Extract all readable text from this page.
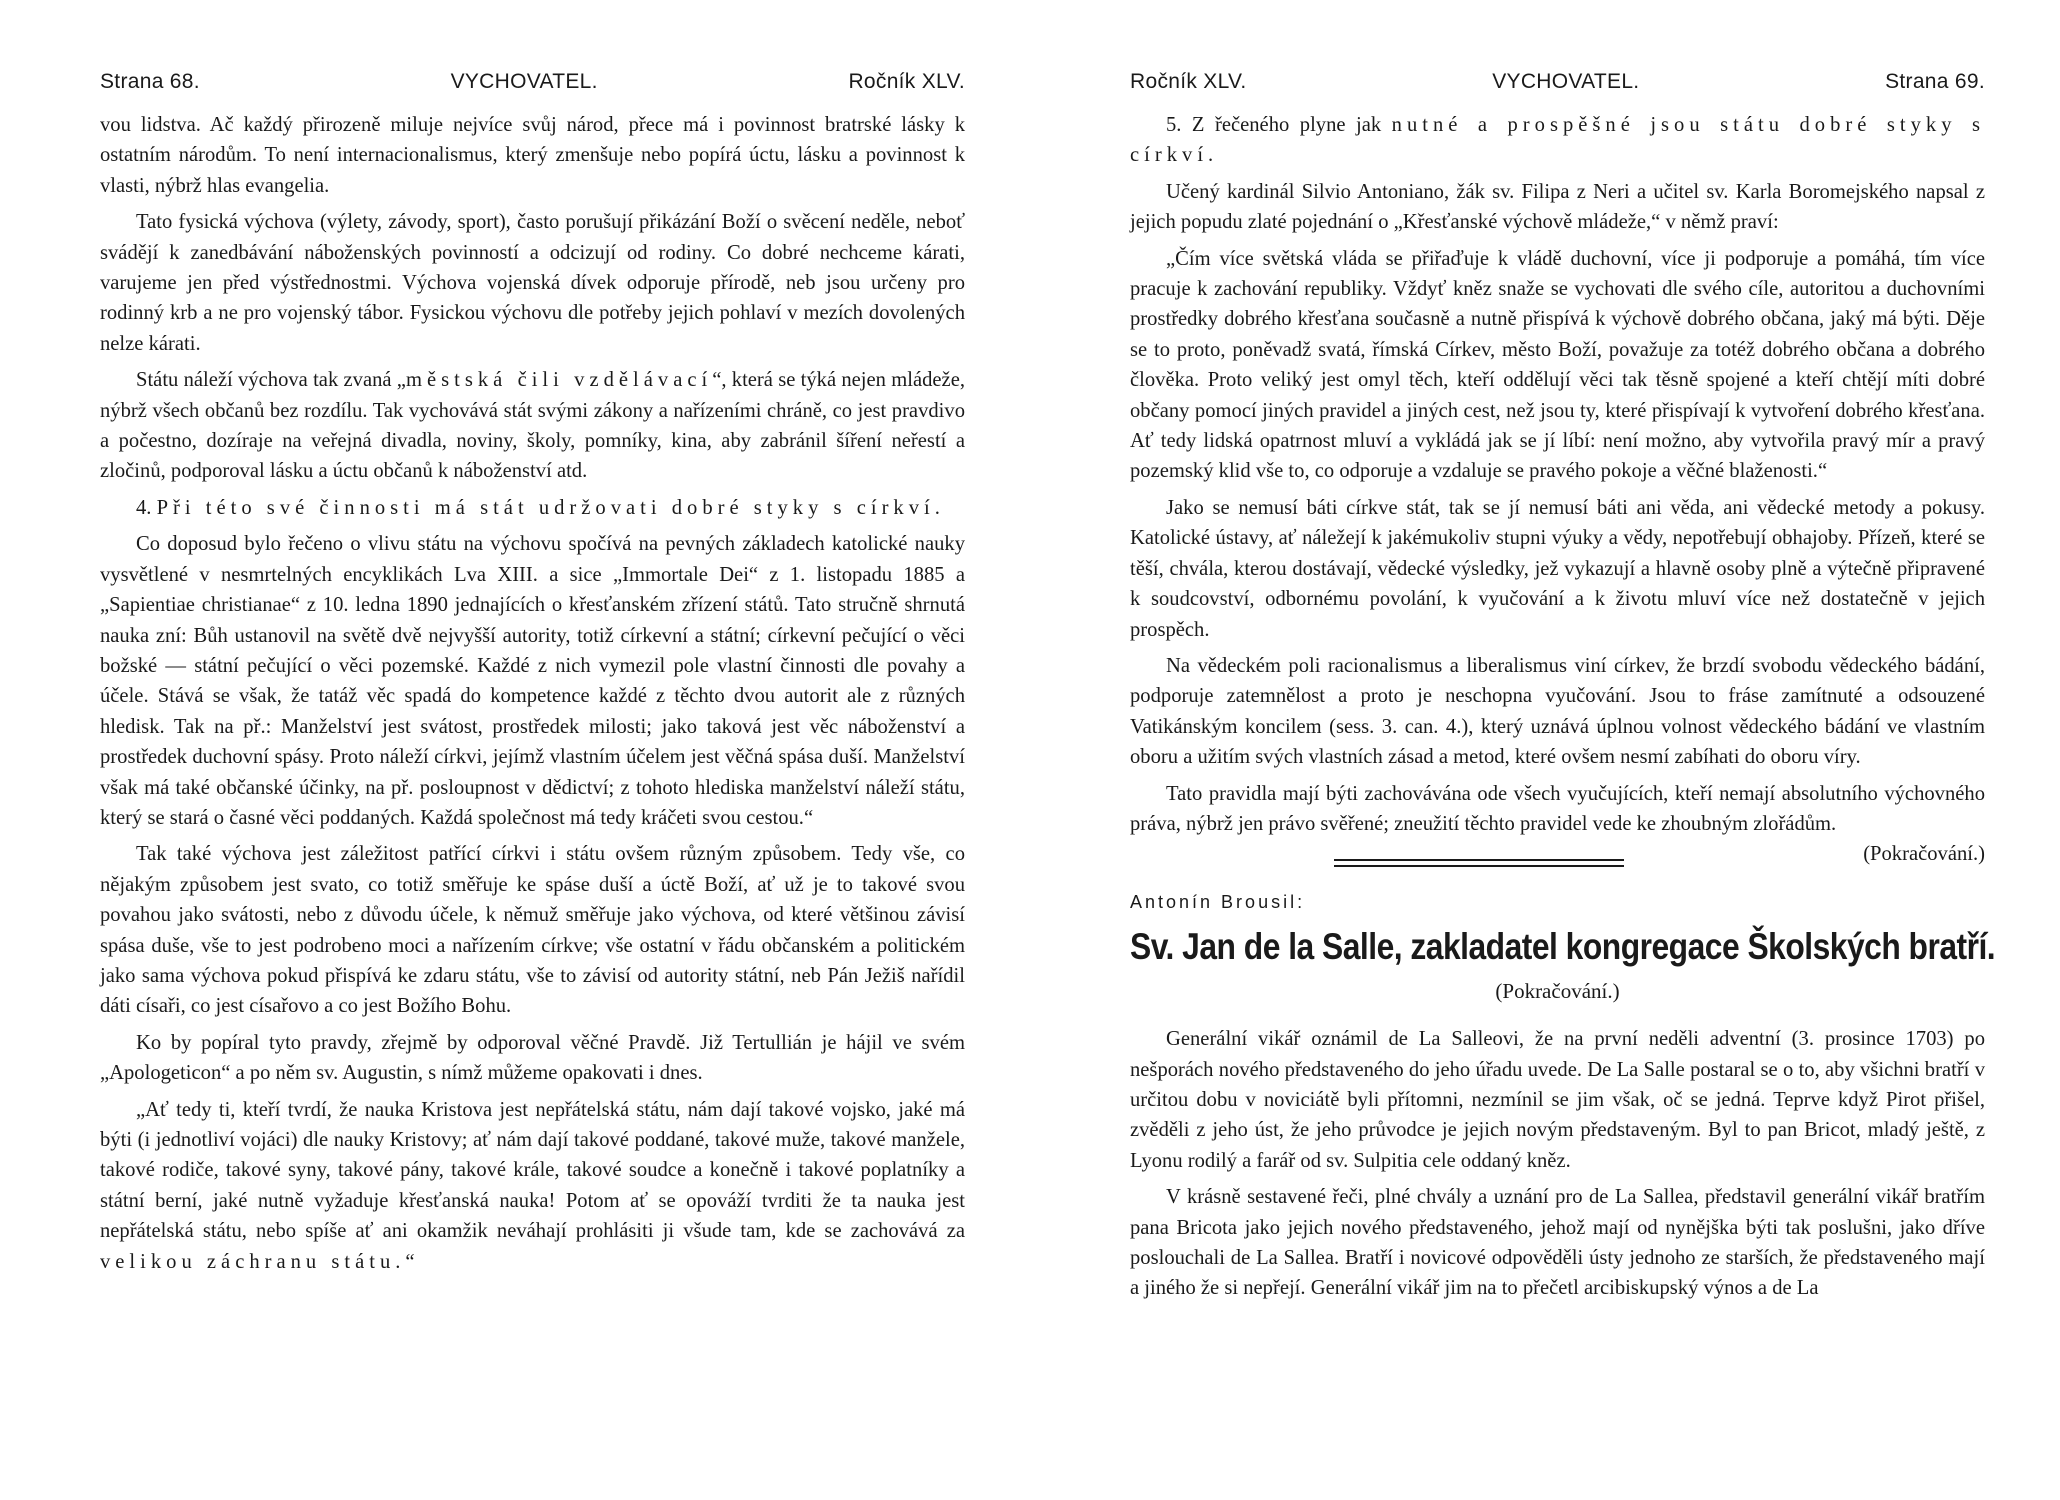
Strana 68.	VYCHOVATEL.	Ročník XLV.

vou lidstva. Ač každý přirozeně miluje nejvíce svůj národ, přece má i povinnost bratrské lásky k ostatním národům. To není internacionalismus, který zmenšuje nebo popírá úctu, lásku a povinnost k vlasti, nýbrž hlas evangelia.

Tato fysická výchova (výlety, závody, sport), často porušují přikázání Boží o svěcení neděle, neboť svádějí k zanedbávání náboženských povinností a odcizují od rodiny. Co dobré nechceme kárati, varujeme jen před výstřednostmi. Výchova vojenská dívek odporuje přírodě, neb jsou určeny pro rodinný krb a ne pro vojenský tábor. Fysickou výchovu dle potřeby jejich pohlaví v mezích dovolených nelze kárati.

Státu náleží výchova tak zvaná „městská čili vzdělávací“, která se týká nejen mládeže, nýbrž všech občanů bez rozdílu. Tak vychovává stát svými zákony a nařízeními chráně, co jest pravdivo a počestno, dozíraje na veřejná divadla, noviny, školy, pomníky, kina, aby zabránil šíření neřestí a zločinů, podporoval lásku a úctu občanů k náboženství atd.

4. Při této své činnosti má stát udržovati dobré styky s církví.

Co doposud bylo řečeno o vlivu státu na výchovu spočívá na pevných základech katolické nauky vysvětlené v nesmrtelných encyklikách Lva XIII. a sice „Immortale Dei“ z 1. listopadu 1885 a „Sapientiae christianae“ z 10. ledna 1890 jednajících o křesťanském zřízení států. Tato stručně shrnutá nauka zní: Bůh ustanovil na světě dvě nejvyšší autority, totiž církevní a státní; církevní pečující o věci božské — státní pečující o věci pozemské. Každé z nich vymezil pole vlastní činnosti dle povahy a účele. Stává se však, že tatáž věc spadá do kompetence každé z těchto dvou autorit ale z různých hledisk. Tak na př.: Manželství jest svátost, prostředek milosti; jako taková jest věc náboženství a prostředek duchovní spásy. Proto náleží církvi, jejímž vlastním účelem jest věčná spása duší. Manželství však má také občanské účinky, na př. posloupnost v dědictví; z tohoto hlediska manželství náleží státu, který se stará o časné věci poddaných. Každá společnost má tedy kráčeti svou cestou.“

Tak také výchova jest záležitost patřící církvi i státu ovšem různým způsobem. Tedy vše, co nějakým způsobem jest svato, co totiž směřuje ke spáse duší a úctě Boží, ať už je to takové svou povahou jako svátosti, nebo z důvodu účele, k němuž směřuje jako výchova, od které většinou závisí spása duše, vše to jest podrobeno moci a nařízením církve; vše ostatní v řádu občanském a politickém jako sama výchova pokud přispívá ke zdaru státu, vše to závisí od autority státní, neb Pán Ježiš nařídil dáti císaři, co jest císařovo a co jest Božího Bohu.

Ko by popíral tyto pravdy, zřejmě by odporoval věčné Pravdě. Již Tertullián je hájil ve svém „Apologeticon“ a po něm sv. Augustin, s nímž můžeme opakovati i dnes.

„Ať tedy ti, kteří tvrdí, že nauka Kristova jest nepřátelská státu, nám dají takové vojsko, jaké má býti (i jednotliví vojáci) dle nauky Kristovy; ať nám dají takové poddané, takové muže, takové manžele, takové rodiče, takové syny, takové pány, takové krále, takové soudce a konečně i takové poplatníky a státní berní, jaké nutně vyžaduje křesťanská nauka! Potom ať se opováží tvrditi že ta nauka jest nepřátelská státu, nebo spíše ať ani okamžik neváhají prohlásiti ji všude tam, kde se zachovává za velikou záchranu státu.“

Ročník XLV.	VYCHOVATEL.	Strana 69.

5. Z řečeného plyne jak nutné a prospěšné jsou státu dobré styky s církví.

Učený kardinál Silvio Antoniano, žák sv. Filipa z Neri a učitel sv. Karla Boromejského napsal z jejich popudu zlaté pojednání o „Křesťanské výchově mládeže,“ v němž praví:

„Čím více světská vláda se přiřaďuje k vládě duchovní, více ji podporuje a pomáhá, tím více pracuje k zachování republiky. Vždyť kněz snaže se vychovati dle svého cíle, autoritou a duchovními prostředky dobrého křesťana současně a nutně přispívá k výchově dobrého občana, jaký má býti. Děje se to proto, poněvadž svatá, římská Církev, město Boží, považuje za totéž dobrého občana a dobrého člověka. Proto veliký jest omyl těch, kteří oddělují věci tak těsně spojené a kteří chtějí míti dobré občany pomocí jiných pravidel a jiných cest, než jsou ty, které přispívají k vytvoření dobrého křesťana. Ať tedy lidská opatrnost mluví a vykládá jak se jí líbí: není možno, aby vytvořila pravý mír a pravý pozemský klid vše to, co odporuje a vzdaluje se pravého pokoje a věčné blaženosti.“

Jako se nemusí báti církve stát, tak se jí nemusí báti ani věda, ani vědecké metody a pokusy. Katolické ústavy, ať náležejí k jakémukoliv stupni výuky a vědy, nepotřebují obhajoby. Přízeň, které se těší, chvála, kterou dostávají, vědecké výsledky, jež vykazují a hlavně osoby plně a výtečně připravené k soudcovství, odbornému povolání, k vyučování a k životu mluví více než dostatečně v jejich prospěch.

Na vědeckém poli racionalismus a liberalismus viní církev, že brzdí svobodu vědeckého bádání, podporuje zatemnělost a proto je neschopna vyučování. Jsou to fráse zamítnuté a odsouzené Vatikánským koncilem (sess. 3. can. 4.), který uznává úplnou volnost vědeckého bádání ve vlastním oboru a užitím svých vlastních zásad a metod, které ovšem nesmí zabíhati do oboru víry.

Tato pravidla mají býti zachovávána ode všech vyučujících, kteří nemají absolutního výchovného práva, nýbrž jen právo svěřené; zneužití těchto pravidel vede ke zhoubným zlořádům.
(Pokračování.)

Antonín Brousil:
Sv. Jan de la Salle, zakladatel kongregace Školských bratří.
(Pokračování.)

Generální vikář oznámil de La Salleovi, že na první neděli adventní (3. prosince 1703) po nešporách nového představeného do jeho úřadu uvede. De La Salle postaral se o to, aby všichni bratří v určitou dobu v noviciátě byli přítomni, nezmínil se jim však, oč se jedná. Teprve když Pirot přišel, zvěděli z jeho úst, že jeho průvodce je jejich novým představeným. Byl to pan Bricot, mladý ještě, z Lyonu rodilý a farář od sv. Sulpitia cele oddaný kněz.

V krásně sestavené řeči, plné chvály a uznání pro de La Sallea, představil generální vikář bratřím pana Bricota jako jejich nového představeného, jehož mají od nynějška býti tak poslušni, jako dříve poslouchali de La Sallea. Bratří i novicové odpověděli ústy jednoho ze starších, že představeného mají a jiného že si nepřejí. Generální vikář jim na to přečetl arcibiskupský výnos a de La
